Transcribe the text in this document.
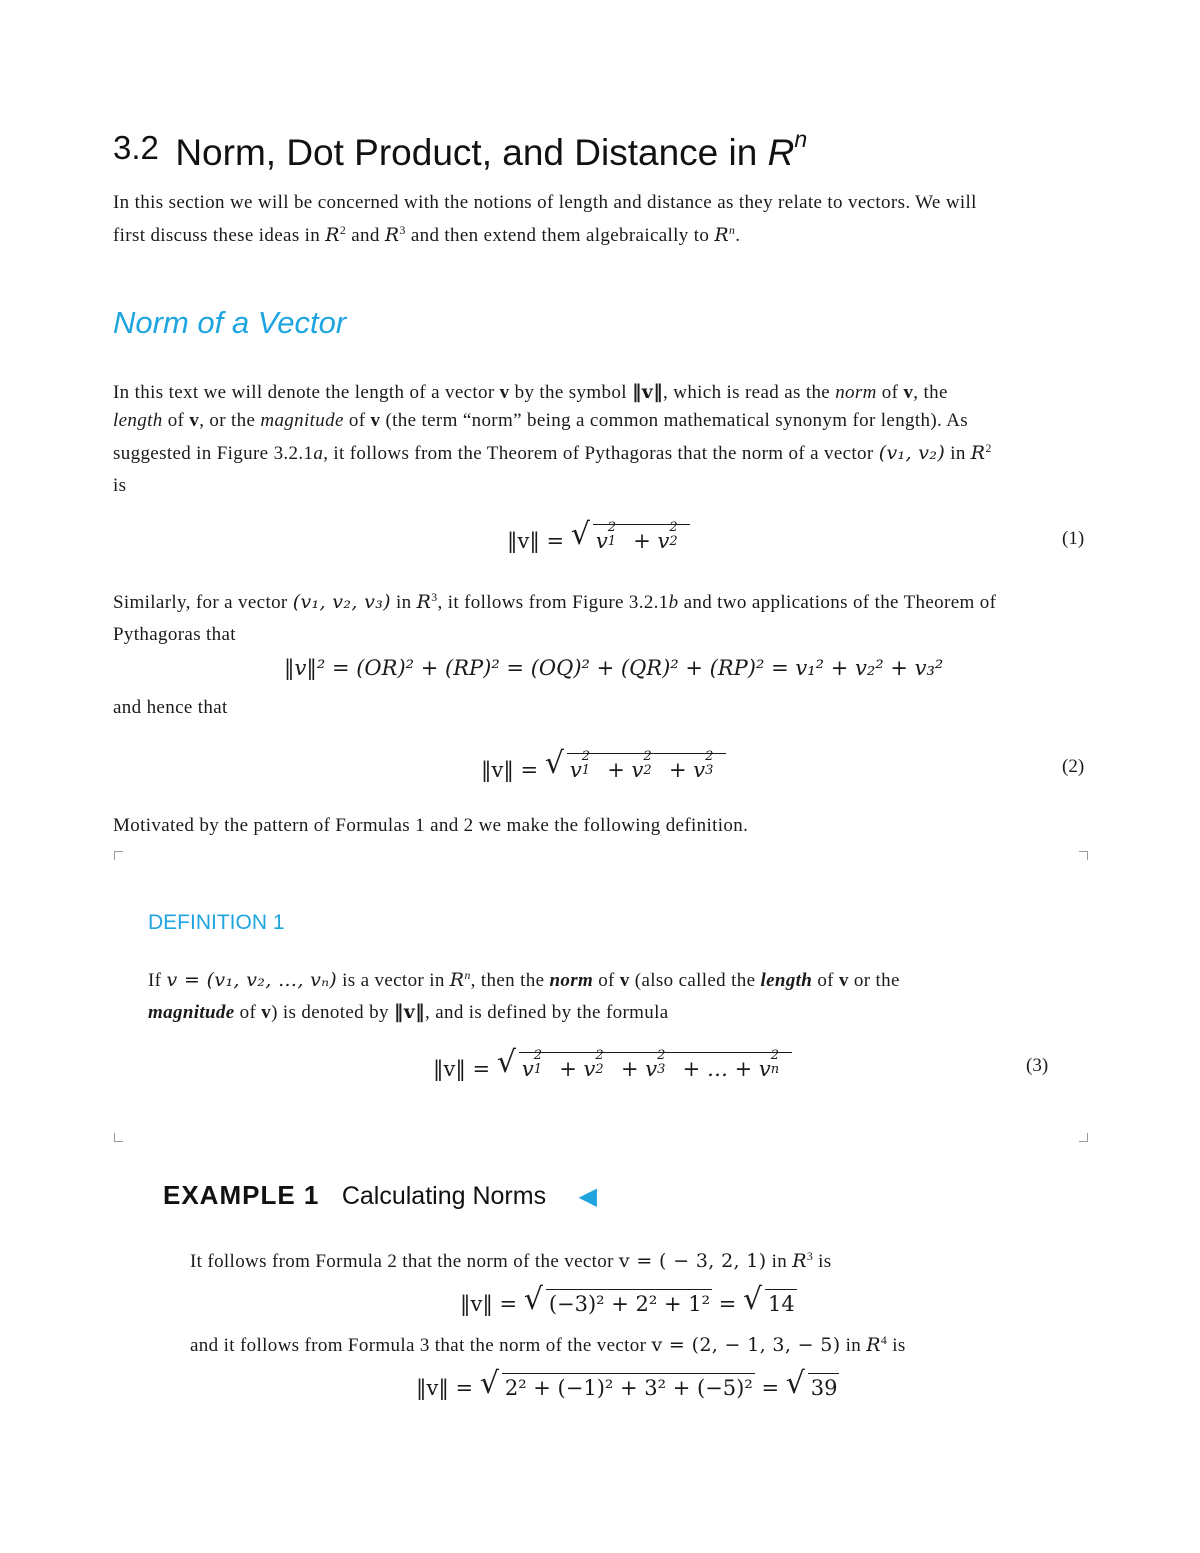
3.2 Norm, Dot Product, and Distance in Rn
In this section we will be concerned with the notions of length and distance as they relate to vectors. We will
first discuss these ideas in $R^2$ and $R^3$ and then extend them algebraically to $R^n$.
Norm of a Vector
In this text we will denote the length of a vector v by the symbol ‖v‖, which is read as the norm of v, the
length of v, or the magnitude of v (the term “norm” being a common mathematical synonym for length). As
suggested in Figure 3.2.1a, it follows from the Theorem of Pythagoras that the norm of a vector (v₁, v₂) in $R^2$
is
‖v‖ = √ v
2
1 + v
2
2	(1)
Similarly, for a vector (v₁, v₂, v₃) in $R^3$, it follows from Figure 3.2.1b and two applications of the Theorem of
Pythagoras that
‖v‖² = (OR)² + (RP)² = (OQ)² + (QR)² + (RP)² = v₁² + v₂² + v₃²
and hence that
‖v‖ = √ v
2
1 + v
2
2 + v
2
3	(2)
Motivated by the pattern of Formulas 1 and 2 we make the following definition.
DEFINITION 1
If v = (v₁, v₂, …, vₙ) is a vector in $R^n$, then the norm of v (also called the length of v or the
magnitude of v) is denoted by ‖v‖, and is defined by the formula
‖v‖ = √ v
2
1 + v
2
2 + v
2
3 + … + v
2
n	(3)
EXAMPLE 1 Calculating Norms ◀
It follows from Formula 2 that the norm of the vector v = ( − 3, 2, 1) in $R^3$ is
‖v‖ = √ (−3)² + 2² + 1² = √ 14
and it follows from Formula 3 that the norm of the vector v = (2, − 1, 3, − 5) in $R^4$ is
‖v‖ = √ 2² + (−1)² + 3² + (−5)² = √ 39
